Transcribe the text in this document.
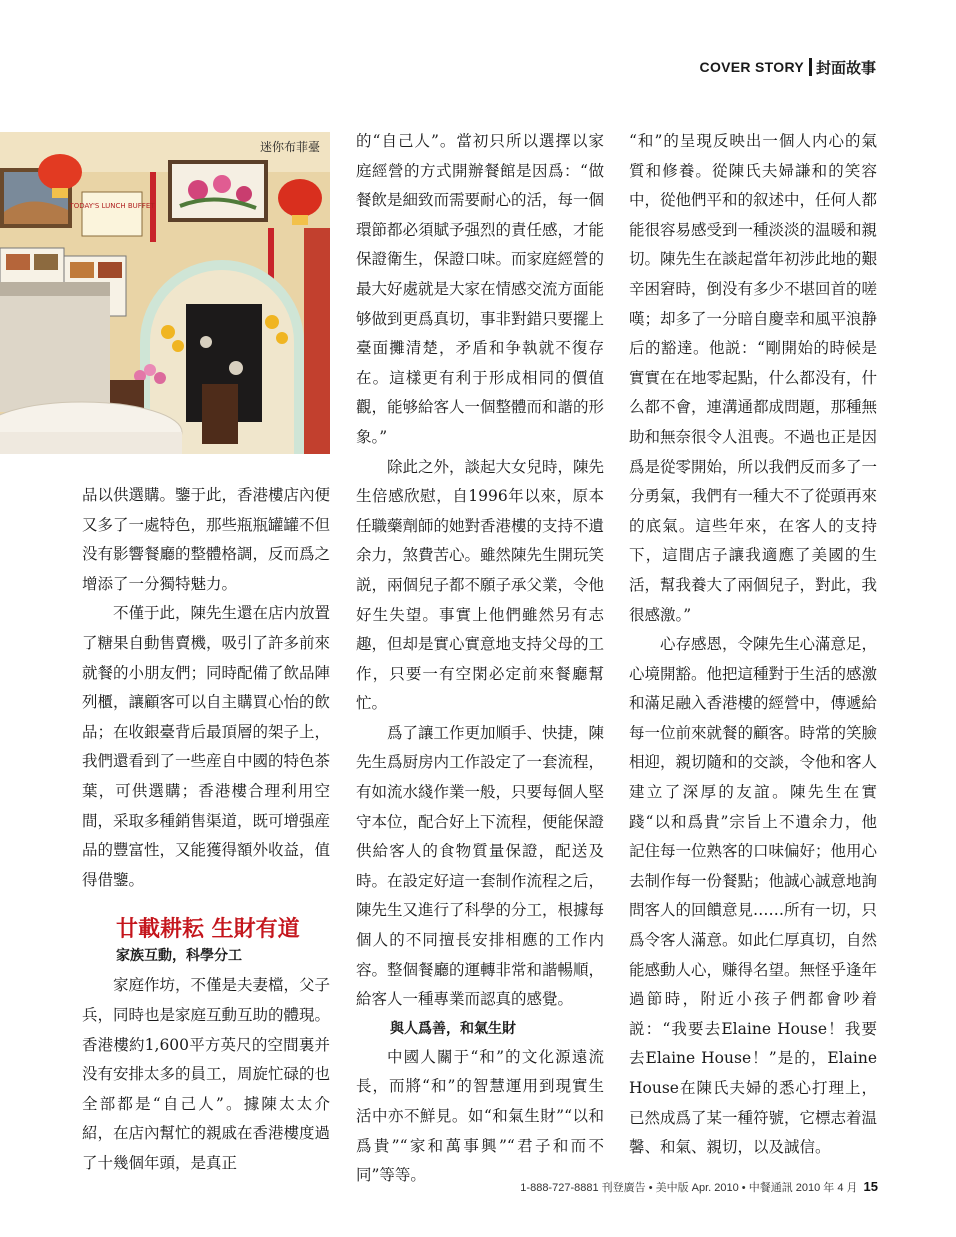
COVER STORY 封面故事
TODAY'S LUNCH BUFFET
迷你布菲臺

品以供選購。鑒于此，香港樓店內便又多了一處特色，那些瓶瓶罐罐不但没有影響餐廳的整體格調，反而爲之增添了一分獨特魅力。

不僅于此，陳先生還在店内放置了糖果自動售賣機，吸引了許多前來就餐的小朋友們；同時配備了飲品陣列櫃，讓顧客可以自主購買心怡的飲品；在收銀臺背后最頂層的架子上，我們還看到了一些産自中國的特色茶葉，可供選購；香港樓合理利用空間，采取多種銷售渠道，既可增强産品的豐富性，又能獲得額外收益，值得借鑒。

廿載耕耘 生財有道
家族互動，科學分工

家庭作坊，不僅是夫妻檔，父子兵，同時也是家庭互動互助的體現。香港樓約1,600平方英尺的空間裏并没有安排太多的員工，周旋忙碌的也全部都是“自己人”。據陳太太介紹，在店內幫忙的親戚在香港樓度過了十幾個年頭，是真正

的“自己人”。當初只所以選擇以家庭經營的方式開辦餐館是因爲：“做餐飲是細致而需要耐心的活，每一個環節都必須賦予强烈的責任感，才能保證衛生，保證口味。而家庭經營的最大好處就是大家在情感交流方面能够做到更爲真切，事非對錯只要擺上臺面攤清楚，矛盾和争執就不復存在。這樣更有利于形成相同的價值觀，能够給客人一個整體而和諧的形象。”

除此之外，談起大女兒時，陳先生倍感欣慰，自1996年以來，原本任職藥劑師的她對香港樓的支持不遺余力，煞費苦心。雖然陳先生開玩笑説，兩個兒子都不願子承父業，令他好生失望。事實上他們雖然另有志趣，但却是實心實意地支持父母的工作，只要一有空閑必定前來餐廳幫忙。

爲了讓工作更加順手、快捷，陳先生爲厨房内工作設定了一套流程，有如流水綫作業一般，只要每個人堅守本位，配合好上下流程，便能保證供給客人的食物質量保證，配送及時。在設定好這一套制作流程之后，陳先生又進行了科學的分工，根據每個人的不同擅長安排相應的工作内容。整個餐廳的運轉非常和諧暢順，給客人一種專業而認真的感覺。

與人爲善，和氣生財

中國人關于“和”的文化源遠流長，而將“和”的智慧運用到現實生活中亦不鮮見。如“和氣生財”“以和爲貴”“家和萬事興”“君子和而不同”等等。

“和”的呈現反映出一個人内心的氣質和修養。從陳氏夫婦謙和的笑容中，從他們平和的叙述中，任何人都能很容易感受到一種淡淡的温暖和親切。陳先生在談起當年初涉此地的艱辛困窘時，倒没有多少不堪回首的嗟嘆；却多了一分暗自慶幸和風平浪静后的豁達。他説：“剛開始的時候是實實在在地零起點，什么都没有，什么都不會，連溝通都成問題，那種無助和無奈很令人沮喪。不過也正是因爲是從零開始，所以我們反而多了一分勇氣，我們有一種大不了從頭再來的底氣。這些年來，在客人的支持下，這間店子讓我適應了美國的生活，幫我養大了兩個兒子，對此，我很感激。”

心存感恩，令陳先生心滿意足，心境開豁。他把這種對于生活的感激和滿足融入香港樓的經營中，傳遞給每一位前來就餐的顧客。時常的笑臉相迎，親切隨和的交談，令他和客人建立了深厚的友誼。陳先生在實踐“以和爲貴”宗旨上不遺余力，他記住每一位熟客的口味偏好；他用心去制作每一份餐點；他誠心誠意地詢問客人的回饋意見……所有一切，只爲令客人滿意。如此仁厚真切，自然能感動人心，赚得名望。無怪乎逢年過節時，附近小孩子們都會吵着説：“我要去Elaine House！我要去Elaine House！”是的，Elaine House在陳氏夫婦的悉心打理上，已然成爲了某一種符號，它標志着温馨、和氣、親切，以及誠信。

1-888-727-8881 刊登廣告 • 美中版 Apr. 2010 • 中餐通訊 2010 年 4 月 15
